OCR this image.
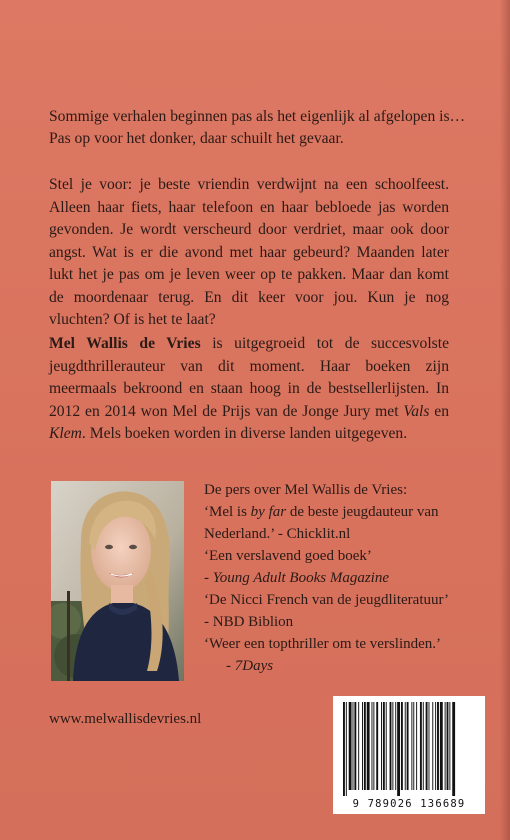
Sommige verhalen beginnen pas als het eigenlijk al afgelopen is…

Pas op voor het donker, daar schuilt het gevaar.

Stel je voor: je beste vriendin verdwijnt na een schoolfeest. Alleen haar fiets, haar telefoon en haar bebloede jas worden gevonden. Je wordt verscheurd door verdriet, maar ook door angst. Wat is er die avond met haar gebeurd? Maanden later lukt het je pas om je leven weer op te pakken. Maar dan komt de moordenaar terug. En dit keer voor jou. Kun je nog vluchten? Of is het te laat?

Mel Wallis de Vries is uitgegroeid tot de succesvolste jeugdthrillerauteur van dit moment. Haar boeken zijn meermaals bekroond en staan hoog in de bestsellerlijsten. In 2012 en 2014 won Mel de Prijs van de Jonge Jury met Vals en Klem. Mels boeken worden in diverse landen uitgegeven.

De pers over Mel Wallis de Vries:
‘Mel is by far de beste jeugdauteur van
Nederland.’ - Chicklit.nl
‘Een verslavend goed boek’
- Young Adult Books Magazine
‘De Nicci French van de jeugdliteratuur’
- NBD Biblion
‘Weer een topthriller om te verslinden.’
- 7Days
www.melwallisdevries.nl
9 789026 136689
